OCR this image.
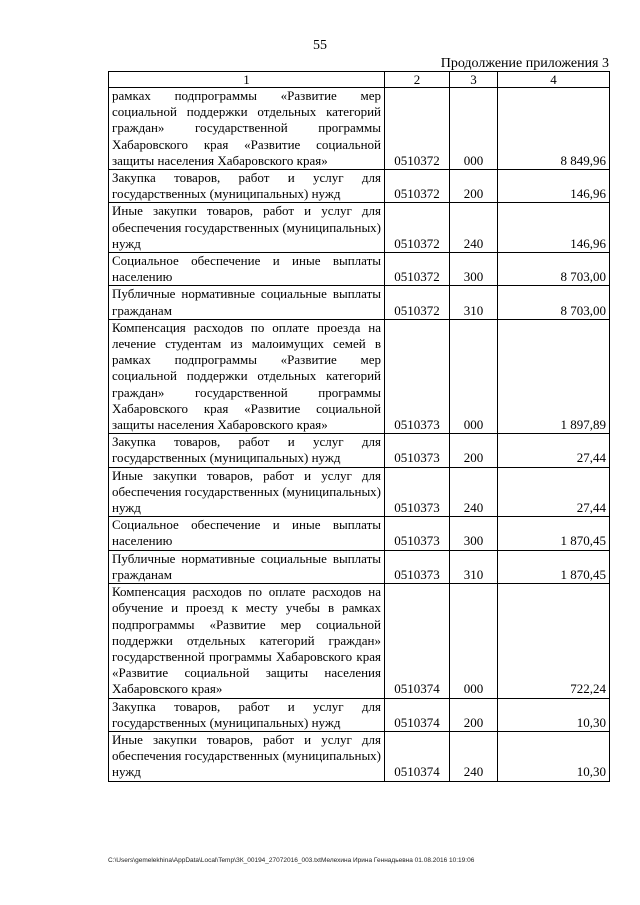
55
Продолжение приложения 3
1	2	3	4
рамках подпрограммы «Развитие мер социальной поддержки отдельных категорий граждан» государственной программы Хабаровского края «Развитие социальной защиты населения Хабаровского края»	0510372	000	8 849,96
Закупка товаров, работ и услуг для государственных (муниципальных) нужд	0510372	200	146,96
Иные закупки товаров, работ и услуг для обеспечения государственных (муниципальных) нужд	0510372	240	146,96
Социальное обеспечение и иные выплаты населению	0510372	300	8 703,00
Публичные нормативные социальные выплаты гражданам	0510372	310	8 703,00
Компенсация расходов по оплате проезда на лечение студентам из малоимущих семей в рамках подпрограммы «Развитие мер социальной поддержки отдельных категорий граждан» государственной программы Хабаровского края «Развитие социальной защиты населения Хабаровского края»	0510373	000	1 897,89
Закупка товаров, работ и услуг для государственных (муниципальных) нужд	0510373	200	27,44
Иные закупки товаров, работ и услуг для обеспечения государственных (муниципальных) нужд	0510373	240	27,44
Социальное обеспечение и иные выплаты населению	0510373	300	1 870,45
Публичные нормативные социальные выплаты гражданам	0510373	310	1 870,45
Компенсация расходов по оплате расходов на обучение и проезд к месту учебы в рамках подпрограммы «Развитие мер социальной поддержки отдельных категорий граждан» государственной программы Хабаровского края «Развитие социальной защиты населения Хабаровского края»	0510374	000	722,24
Закупка товаров, работ и услуг для государственных (муниципальных) нужд	0510374	200	10,30
Иные закупки товаров, работ и услуг для обеспечения государственных (муниципальных) нужд	0510374	240	10,30
C:\Users\gemelekhina\AppData\Local\Temp\ЗК_00194_27072016_003.txtМелехина Ирина Геннадьевна 01.08.2016 10:19:06
